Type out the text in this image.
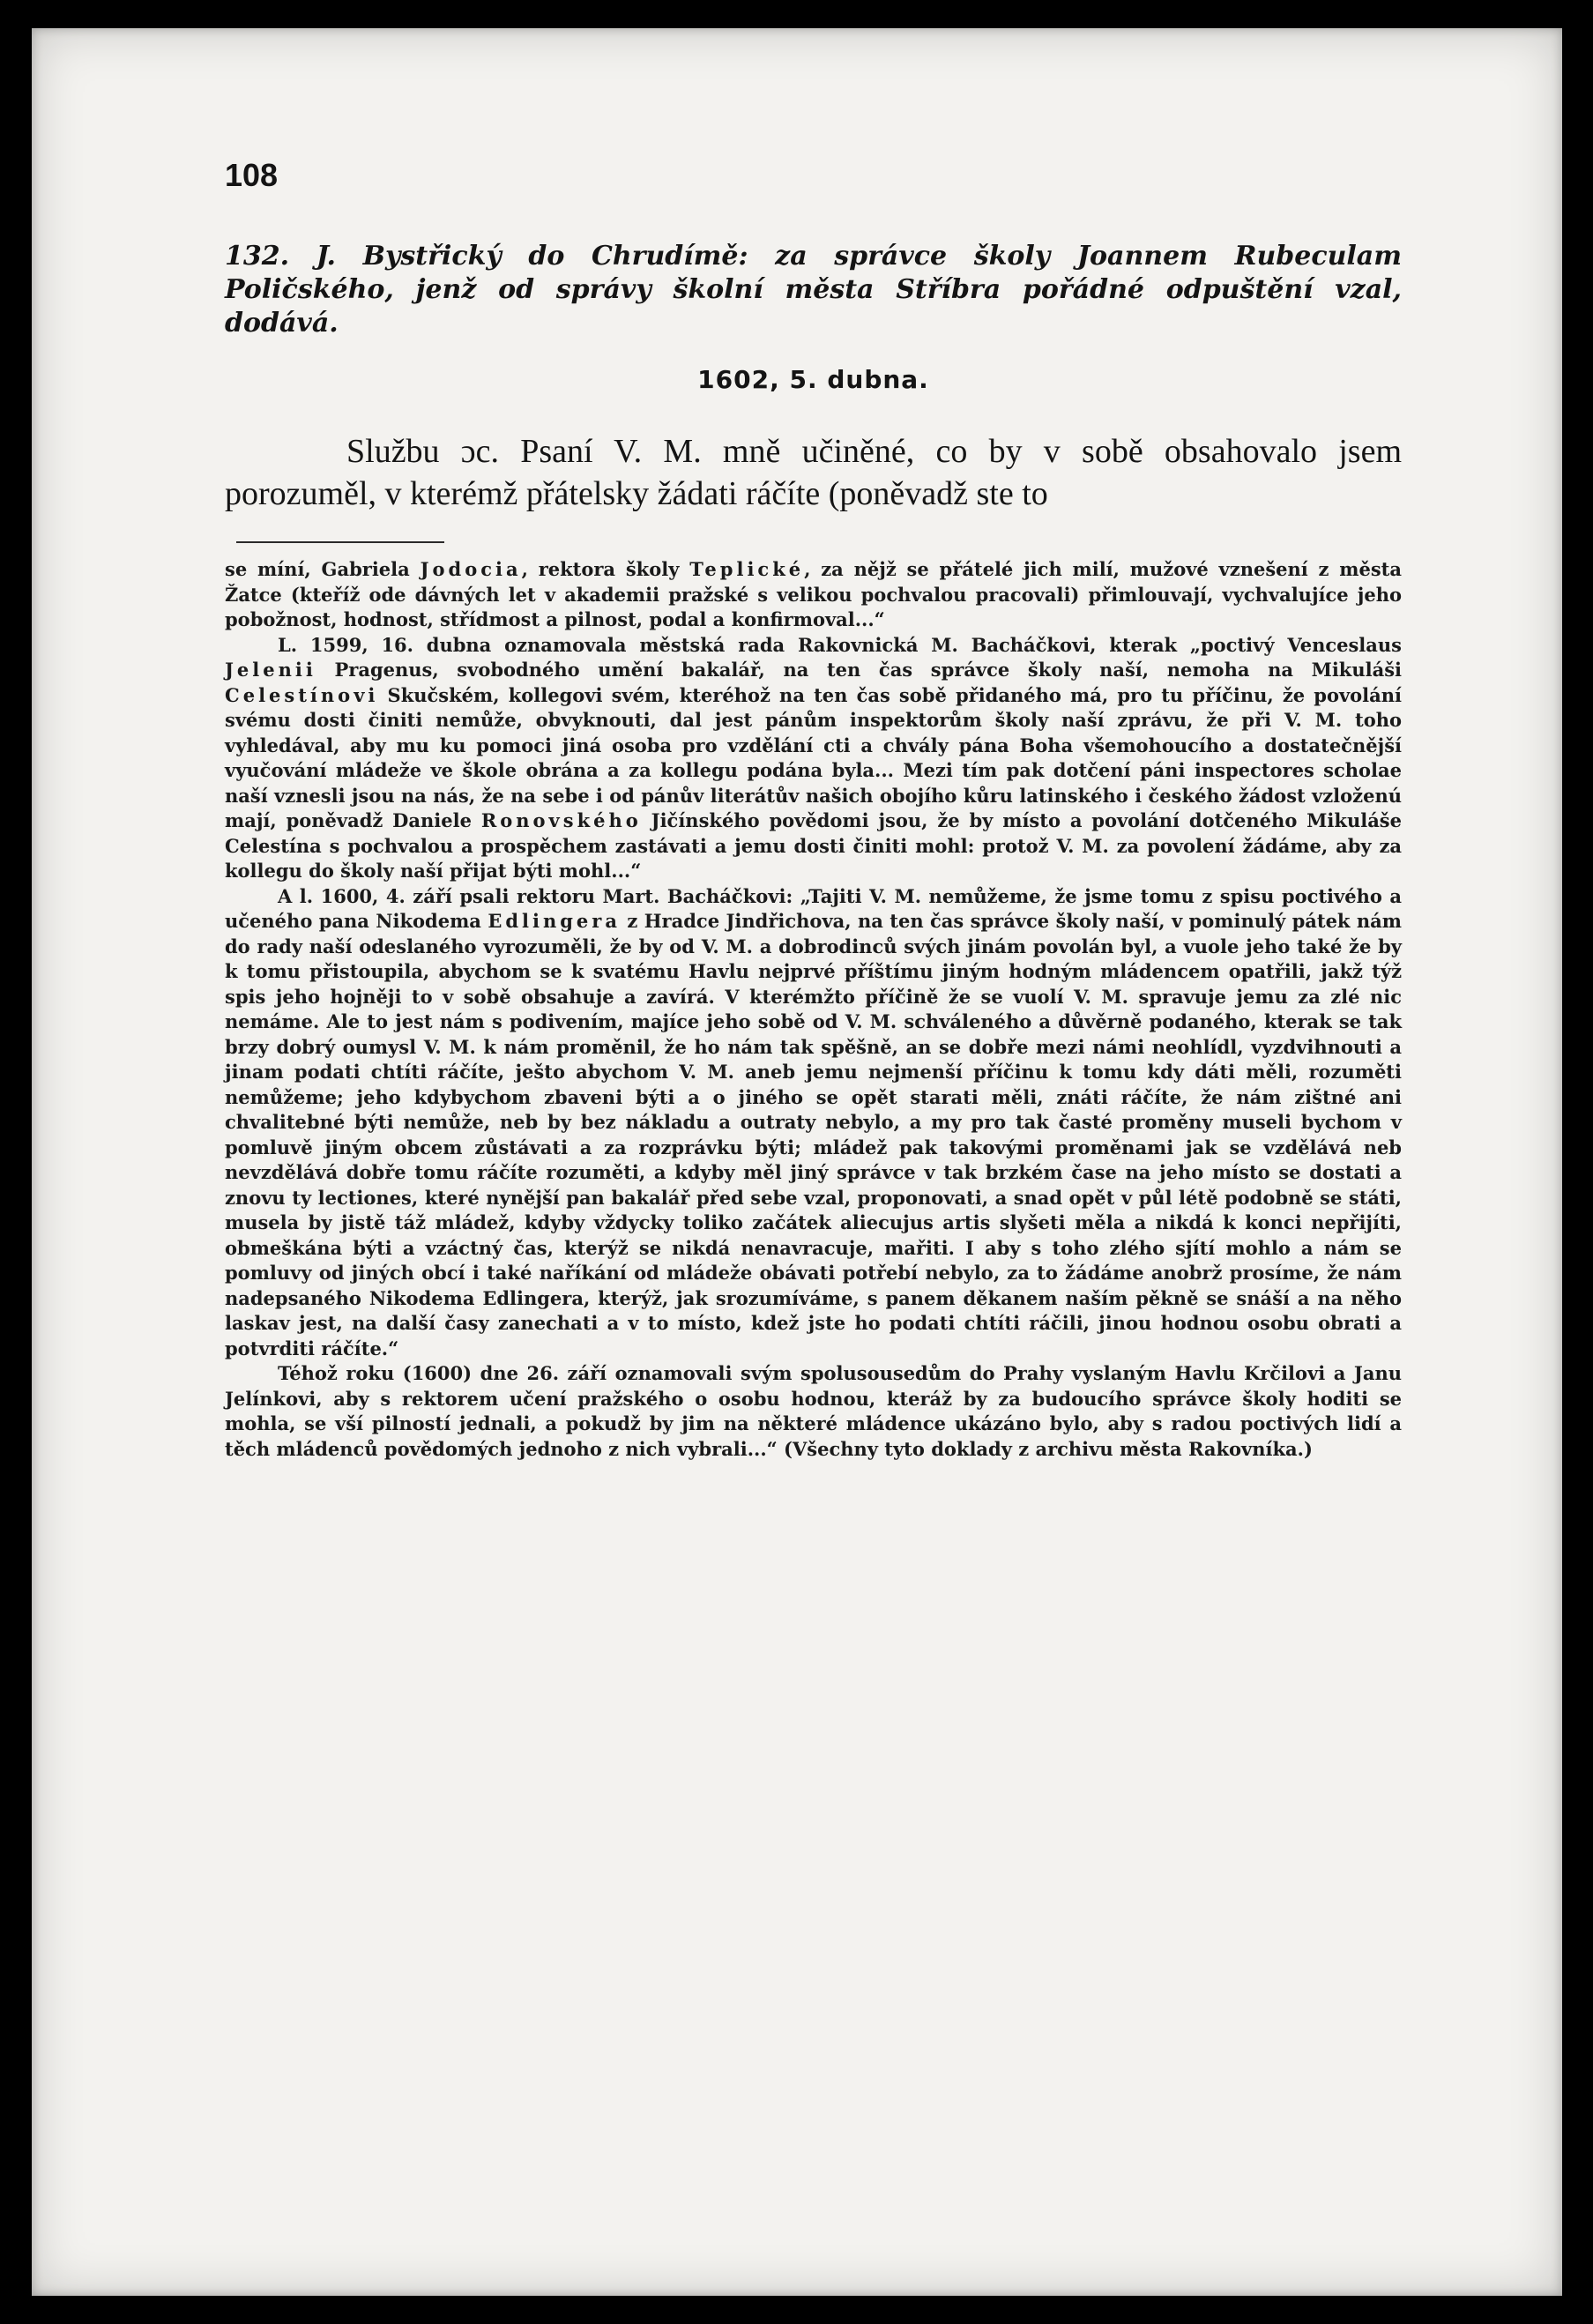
108
132. J. Bystřický do Chrudímě: za správce školy Joannem Rubeculam Poličského, jenž od správy školní města Stříbra pořádné odpuštění vzal, dodává.
1602, 5. dubna.
Službu ɔc. Psaní V. M. mně učiněné, co by v sobě obsahovalo jsem porozuměl, v kterémž přátelsky žádati ráčíte (poněvadž ste to

se míní, Gabriela Jodocia, rektora školy Teplické, za nějž se přátelé jich milí, mužové vznešení z města Žatce (kteříž ode dávných let v akademii pražské s velikou pochvalou pracovali) přimlouvají, vychvalujíce jeho pobožnost, hodnost, střídmost a pilnost, podal a konfirmoval...“

L. 1599, 16. dubna oznamovala městská rada Rakovnická M. Bacháčkovi, kterak „poctivý Venceslaus Jelenii Pragenus, svobodného umění bakalář, na ten čas správce školy naší, nemoha na Mikuláši Celestínovi Skučském, kollegovi svém, kteréhož na ten čas sobě přidaného má, pro tu příčinu, že povolání svému dosti činiti nemůže, obvyknouti, dal jest pánům inspektorům školy naší zprávu, že při V. M. toho vyhledával, aby mu ku pomoci jiná osoba pro vzdělání cti a chvály pána Boha všemohoucího a dostatečnější vyučování mládeže ve škole obrána a za kollegu podána byla... Mezi tím pak dotčení páni inspectores scholae naší vznesli jsou na nás, že na sebe i od pánův literátův našich obojího kůru latinského i českého žádost vzloženú mají, poněvadž Daniele Ronovského Jičínského povědomi jsou, že by místo a povolání dotčeného Mikuláše Celestína s pochvalou a prospěchem zastávati a jemu dosti činiti mohl: protož V. M. za povolení žádáme, aby za kollegu do školy naší přijat býti mohl...“

A l. 1600, 4. září psali rektoru Mart. Bacháčkovi: „Tajiti V. M. nemůžeme, že jsme tomu z spisu poctivého a učeného pana Nikodema Edlingera z Hradce Jindřichova, na ten čas správce školy naší, v pominulý pátek nám do rady naší odeslaného vyrozuměli, že by od V. M. a dobrodinců svých jinám povolán byl, a vuole jeho také že by k tomu přistoupila, abychom se k svatému Havlu nejprvé příštímu jiným hodným mládencem opatřili, jakž týž spis jeho hojněji to v sobě obsahuje a zavírá. V kterémžto příčině že se vuolí V. M. spravuje jemu za zlé nic nemáme. Ale to jest nám s podivením, majíce jeho sobě od V. M. schváleného a důvěrně podaného, kterak se tak brzy dobrý oumysl V. M. k nám proměnil, že ho nám tak spěšně, an se dobře mezi námi neohlídl, vyzdvihnouti a jinam podati chtíti ráčíte, ješto abychom V. M. aneb jemu nejmenší příčinu k tomu kdy dáti měli, rozuměti nemůžeme; jeho kdybychom zbaveni býti a o jiného se opět starati měli, znáti ráčíte, že nám zištné ani chvalitebné býti nemůže, neb by bez nákladu a outraty nebylo, a my pro tak časté proměny museli bychom v pomluvě jiným obcem zůstávati a za rozprávku býti; mládež pak takovými proměnami jak se vzdělává neb nevzdělává dobře tomu ráčíte rozuměti, a kdyby měl jiný správce v tak brzkém čase na jeho místo se dostati a znovu ty lectiones, které nynější pan bakalář před sebe vzal, proponovati, a snad opět v půl létě podobně se státi, musela by jistě táž mládež, kdyby vždycky toliko začátek aliecujus artis slyšeti měla a nikdá k konci nepřijíti, obmeškána býti a vzáctný čas, kterýž se nikdá nenavracuje, mařiti. I aby s toho zlého sjítí mohlo a nám se pomluvy od jiných obcí i také naříkání od mládeže obávati potřebí nebylo, za to žádáme anobrž prosíme, že nám nadepsaného Nikodema Edlingera, kterýž, jak srozumíváme, s panem děkanem naším pěkně se snáší a na něho laskav jest, na další časy zanechati a v to místo, kdež jste ho podati chtíti ráčili, jinou hodnou osobu obrati a potvrditi ráčíte.“

Téhož roku (1600) dne 26. září oznamovali svým spolusousedům do Prahy vyslaným Havlu Krčilovi a Janu Jelínkovi, aby s rektorem učení pražského o osobu hodnou, kteráž by za budoucího správce školy hoditi se mohla, se vší pilností jednali, a pokudž by jim na některé mládence ukázáno bylo, aby s radou poctivých lidí a těch mládenců povědomých jednoho z nich vybrali...“ (Všechny tyto doklady z archivu města Rakovníka.)
